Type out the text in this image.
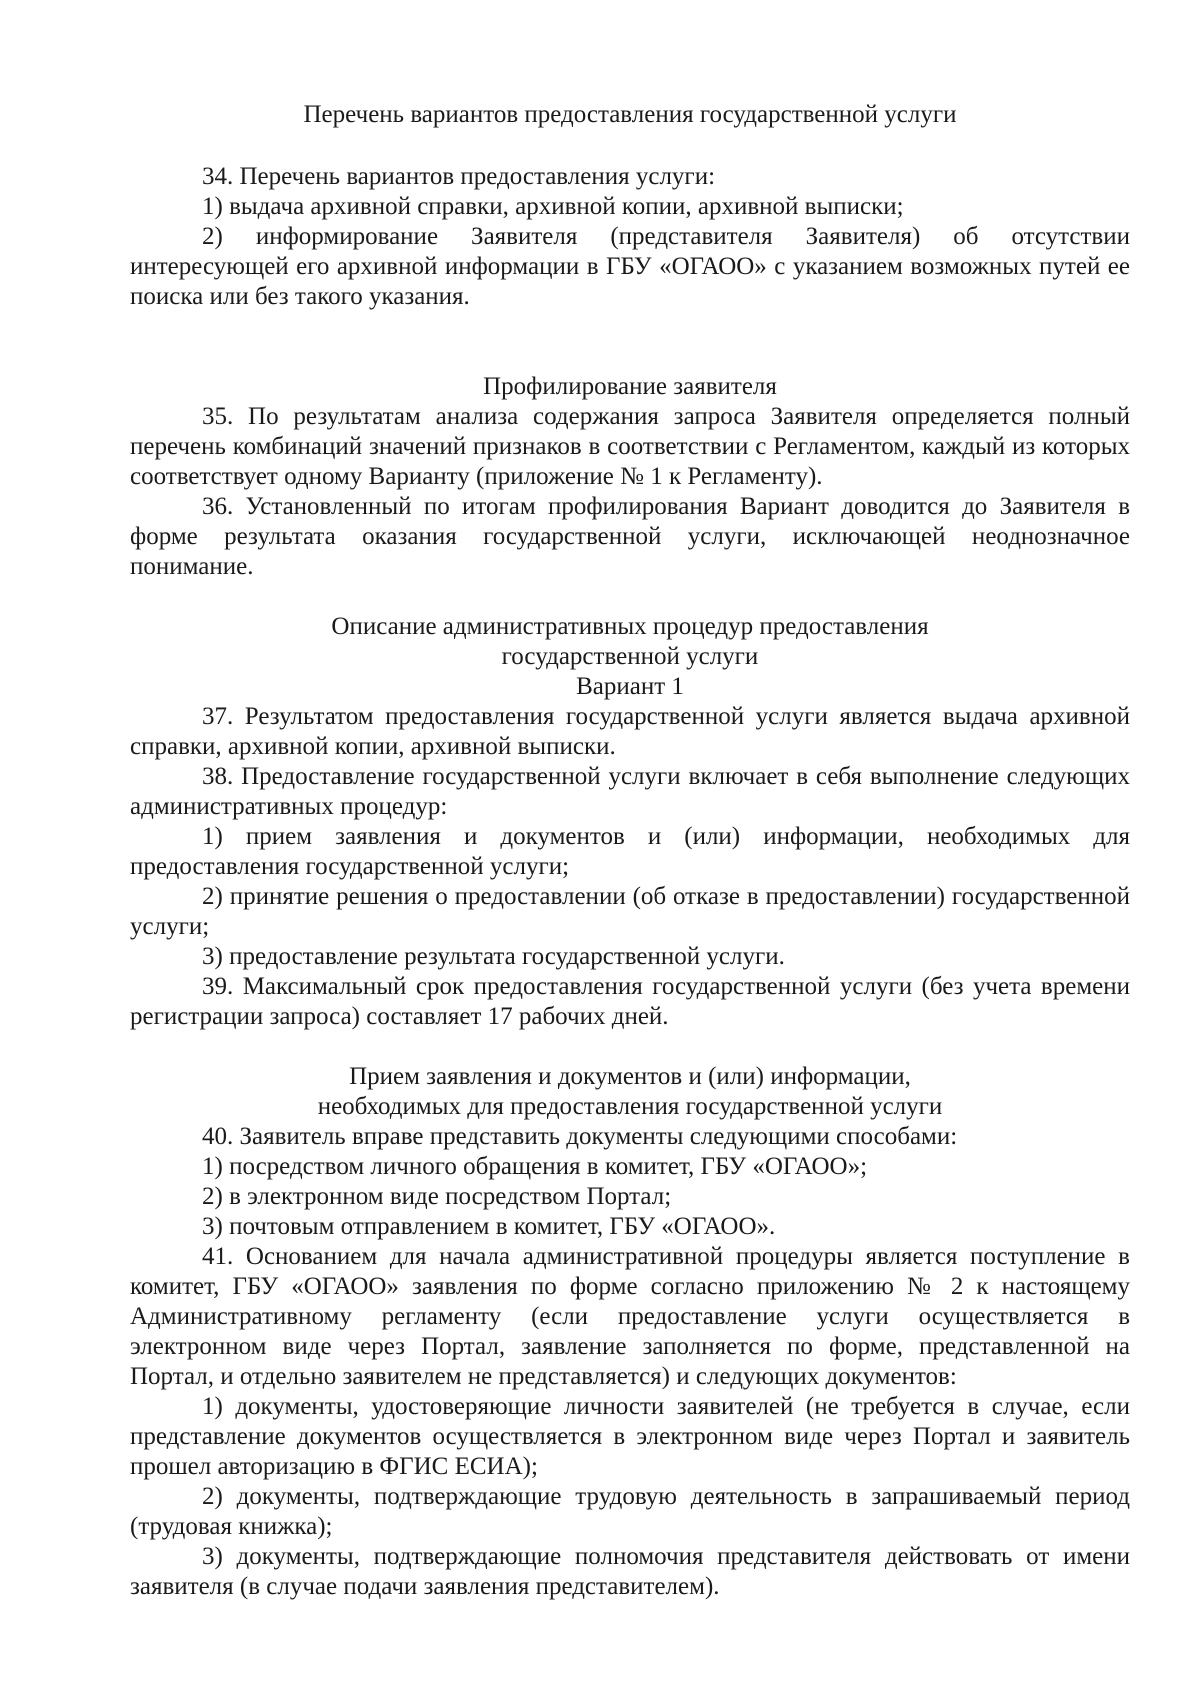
Перечень вариантов предоставления государственной услуги
34. Перечень вариантов предоставления услуги:
1) выдача архивной справки, архивной копии, архивной выписки;
2) информирование Заявителя (представителя Заявителя) об отсутствии интересующей его архивной информации в ГБУ «ОГАОО» с указанием возможных путей ее поиска или без такого указания.
Профилирование заявителя
35. По результатам анализа содержания запроса Заявителя определяется полный перечень комбинаций значений признаков в соответствии с Регламентом, каждый из которых соответствует одному Варианту (приложение № 1 к Регламенту).
36. Установленный по итогам профилирования Вариант доводится до Заявителя в форме результата оказания государственной услуги, исключающей неоднозначное понимание.
Описание административных процедур предоставления
государственной услуги
Вариант 1
37. Результатом предоставления государственной услуги является выдача архивной справки, архивной копии, архивной выписки.
38. Предоставление государственной услуги включает в себя выполнение следующих административных процедур:
1) прием заявления и документов и (или) информации, необходимых для предоставления государственной услуги;
2) принятие решения о предоставлении (об отказе в предоставлении) государственной услуги;
3) предоставление результата государственной услуги.
39. Максимальный срок предоставления государственной услуги (без учета времени регистрации запроса) составляет 17 рабочих дней.
Прием заявления и документов и (или) информации,
необходимых для предоставления государственной услуги
40. Заявитель вправе представить документы следующими способами:
1) посредством личного обращения в комитет, ГБУ «ОГАОО»;
2) в электронном виде посредством Портал;
3) почтовым отправлением в комитет, ГБУ «ОГАОО».
41. Основанием для начала административной процедуры является поступление в комитет, ГБУ «ОГАОО» заявления по форме согласно приложению № 2 к настоящему Административному регламенту (если предоставление услуги осуществляется в электронном виде через Портал, заявление заполняется по форме, представленной на Портал, и отдельно заявителем не представляется) и следующих документов:
1) документы, удостоверяющие личности заявителей (не требуется в случае, если представление документов осуществляется в электронном виде через Портал и заявитель прошел авторизацию в ФГИС ЕСИА);
2) документы, подтверждающие трудовую деятельность в запрашиваемый период (трудовая книжка);
3) документы, подтверждающие полномочия представителя действовать от имени заявителя (в случае подачи заявления представителем).
